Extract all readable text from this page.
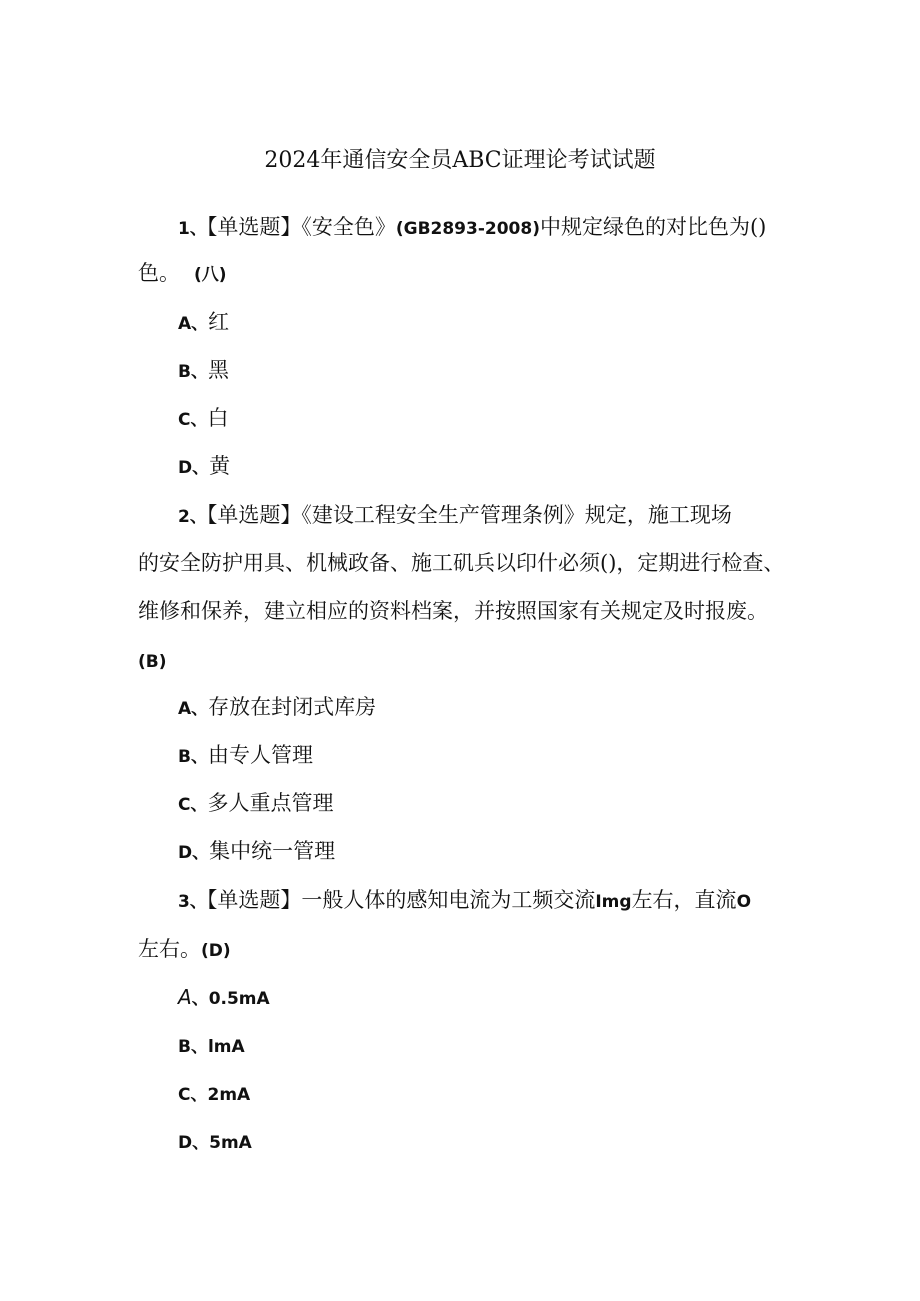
2024年通信安全员ABC证理论考试试题
1、【单选题】《安全色》(GB2893-2008)中规定绿色的对比色为()
色。 (八)
A、红
B、黑
C、白
D、黄
2、【单选题】《建设工程安全生产管理条例》规定，施工现场
的安全防护用具、机械政备、施工矶兵以印什必须()，定期进行检查、
维修和保养，建立相应的资料档案，并按照国家有关规定及时报废。
(B)
A、存放在封闭式库房
B、由专人管理
C、多人重点管理
D、集中统一管理
3、【单选题】一般人体的感知电流为工频交流Img左右，直流O
左右。(D)
A、0.5mA
B、lmA
C、2mA
D、5mA
